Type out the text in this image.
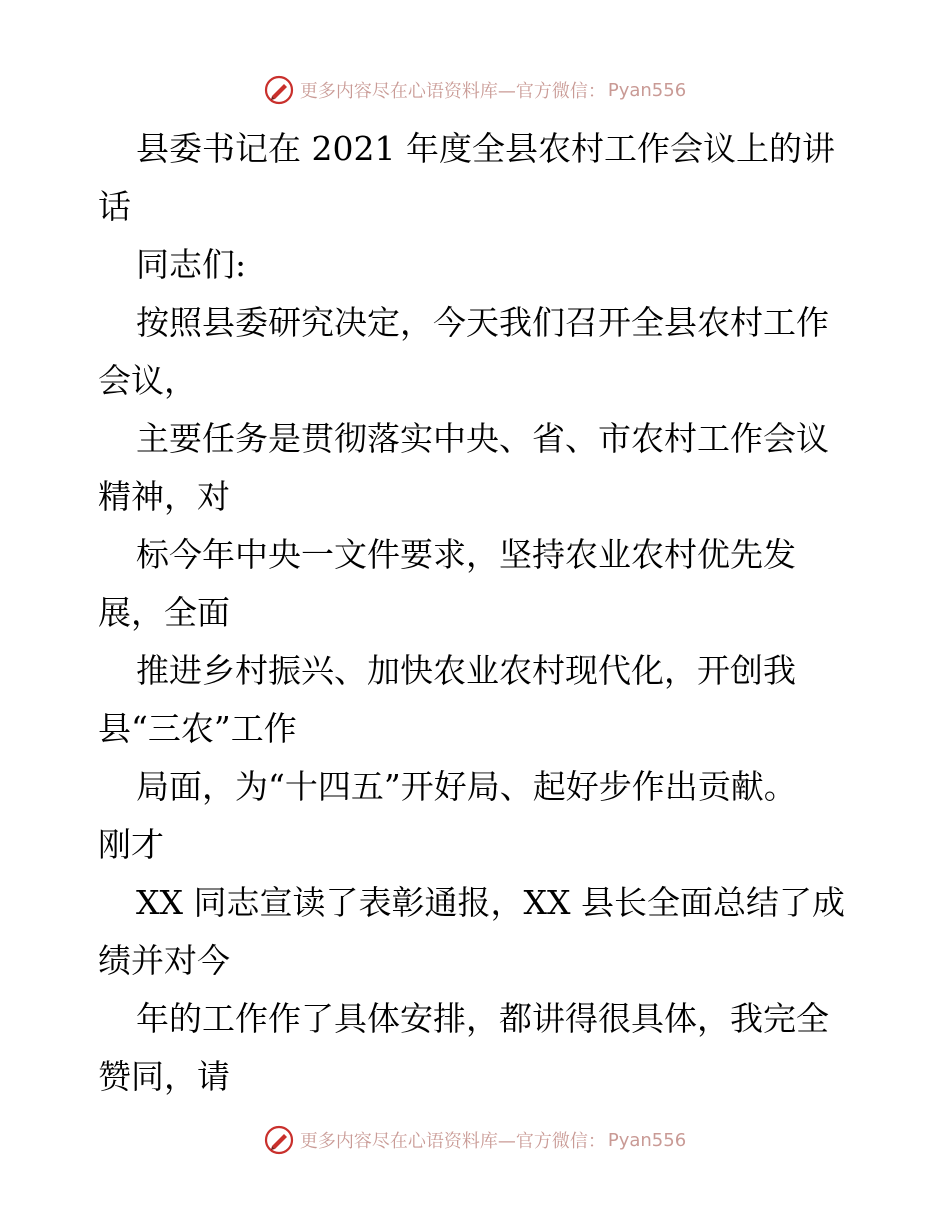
更多内容尽在心语资料库—官方微信： Pyan556
县委书记在 2021 年度全县农村工作会议上的讲
话
同志们:
按照县委研究决定，今天我们召开全县农村工作
会议，
主要任务是贯彻落实中央、省、市农村工作会议
精神，对
标今年中央一文件要求，坚持农业农村优先发
展，全面
推进乡村振兴、加快农业农村现代化，开创我
县“三农”工作
局面，为“十四五”开好局、起好步作出贡献。
刚才
XX 同志宣读了表彰通报，XX 县长全面总结了成
绩并对今
年的工作作了具体安排，都讲得很具体，我完全
赞同，请
更多内容尽在心语资料库—官方微信： Pyan556
